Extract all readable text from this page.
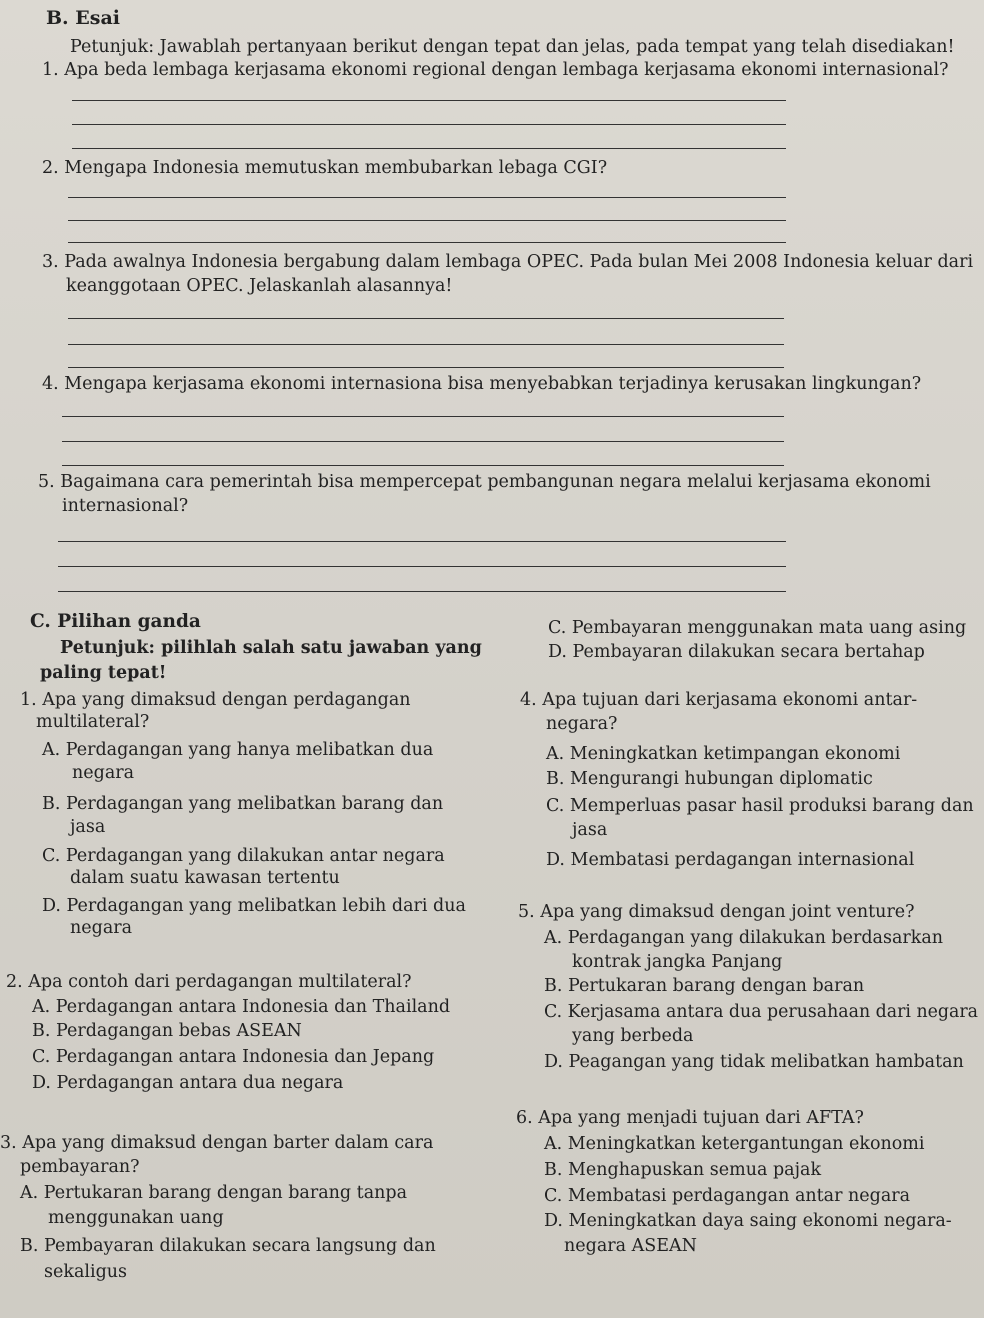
B. Esai
Petunjuk: Jawablah pertanyaan berikut dengan tepat dan jelas, pada tempat yang telah disediakan!
1. Apa beda lembaga kerjasama ekonomi regional dengan lembaga kerjasama ekonomi internasional?
2. Mengapa Indonesia memutuskan membubarkan lebaga CGI?
3. Pada awalnya Indonesia bergabung dalam lembaga OPEC. Pada bulan Mei 2008 Indonesia keluar dari
keanggotaan OPEC. Jelaskanlah alasannya!
4. Mengapa kerjasama ekonomi internasiona bisa menyebabkan terjadinya kerusakan lingkungan?
5. Bagaimana cara pemerintah bisa mempercepat pembangunan negara melalui kerjasama ekonomi
internasional?
C. Pilihan ganda
Petunjuk: pilihlah salah satu jawaban yang
paling tepat!
1. Apa yang dimaksud dengan perdagangan
multilateral?
A. Perdagangan yang hanya melibatkan dua
negara
B. Perdagangan yang melibatkan barang dan
jasa
C. Perdagangan yang dilakukan antar negara
dalam suatu kawasan tertentu
D. Perdagangan yang melibatkan lebih dari dua
negara
2. Apa contoh dari perdagangan multilateral?
A. Perdagangan antara Indonesia dan Thailand
B. Perdagangan bebas ASEAN
C. Perdagangan antara Indonesia dan Jepang
D. Perdagangan antara dua negara
3. Apa yang dimaksud dengan barter dalam cara
pembayaran?
A. Pertukaran barang dengan barang tanpa
menggunakan uang
B. Pembayaran dilakukan secara langsung dan
sekaligus
C. Pembayaran menggunakan mata uang asing
D. Pembayaran dilakukan secara bertahap
4. Apa tujuan dari kerjasama ekonomi antar-
negara?
A. Meningkatkan ketimpangan ekonomi
B. Mengurangi hubungan diplomatic
C. Memperluas pasar hasil produksi barang dan
jasa
D. Membatasi perdagangan internasional
5. Apa yang dimaksud dengan joint venture?
A. Perdagangan yang dilakukan berdasarkan
kontrak jangka Panjang
B. Pertukaran barang dengan baran
C. Kerjasama antara dua perusahaan dari negara
yang berbeda
D. Peagangan yang tidak melibatkan hambatan
6. Apa yang menjadi tujuan dari AFTA?
A. Meningkatkan ketergantungan ekonomi
B. Menghapuskan semua pajak
C. Membatasi perdagangan antar negara
D. Meningkatkan daya saing ekonomi negara-
negara ASEAN
